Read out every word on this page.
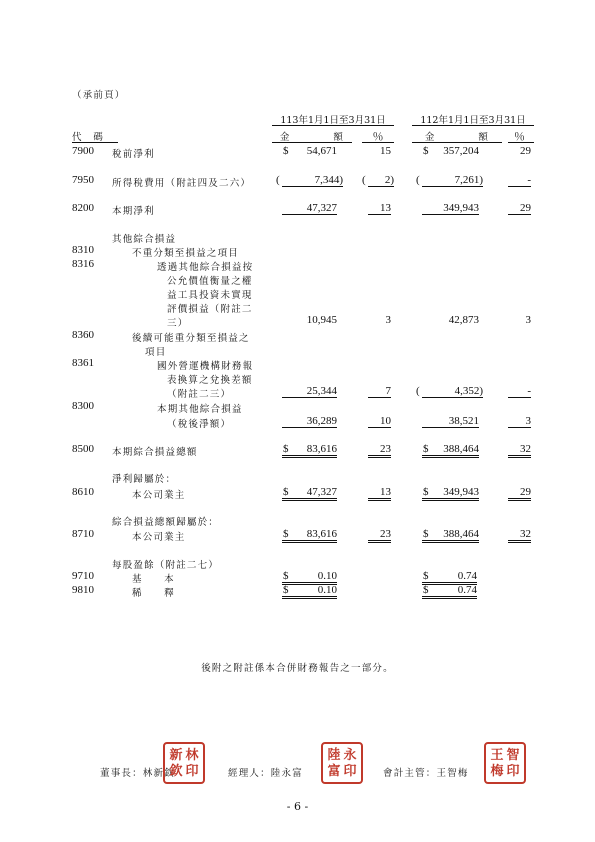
（承前頁）
113年1月1日至3月31日	112年1月1日至3月31日
代　碼	金　　　　額	％	金　　　　額	％
7900 稅前淨利	$	54,671	15	$	357,204	29
7950 所得稅費用（附註四及二六） (	7,344) (	2) (	7,261)	-
8200 本期淨利	47,327	13	349,943	29
其他綜合損益
8310	不重分類至損益之項目
8316	透過其他綜合損益按
公允價值衡量之權
益工具投資未實現
評價損益（附註二
三）	10,945	3	42,873	3
8360	後續可能重分類至損益之
項目
8361	國外營運機構財務報
表換算之兌換差額
（附註二三）	25,344	7 (	4,352)	-
8300	本期其他綜合損益
（稅後淨額）	36,289	10	38,521	3
8500 本期綜合損益總額	$	83,616	23	$	388,464	32
淨利歸屬於：
8610	本公司業主	$	47,327	13	$	349,943	29
綜合損益總額歸屬於：
8710	本公司業主	$	83,616	23	$	388,464	32
每股盈餘（附註二七）
9710	基　　本	$	0.10	$	0.74
9810	稀　　釋	$	0.10	$	0.74
後附之附註係本合併財務報告之一部分。
董事長：林新欽
新 林
欽 印	經理人：陸永富
陸 永
富 印	會計主管：王智梅
王 智
梅 印
- 6 -
